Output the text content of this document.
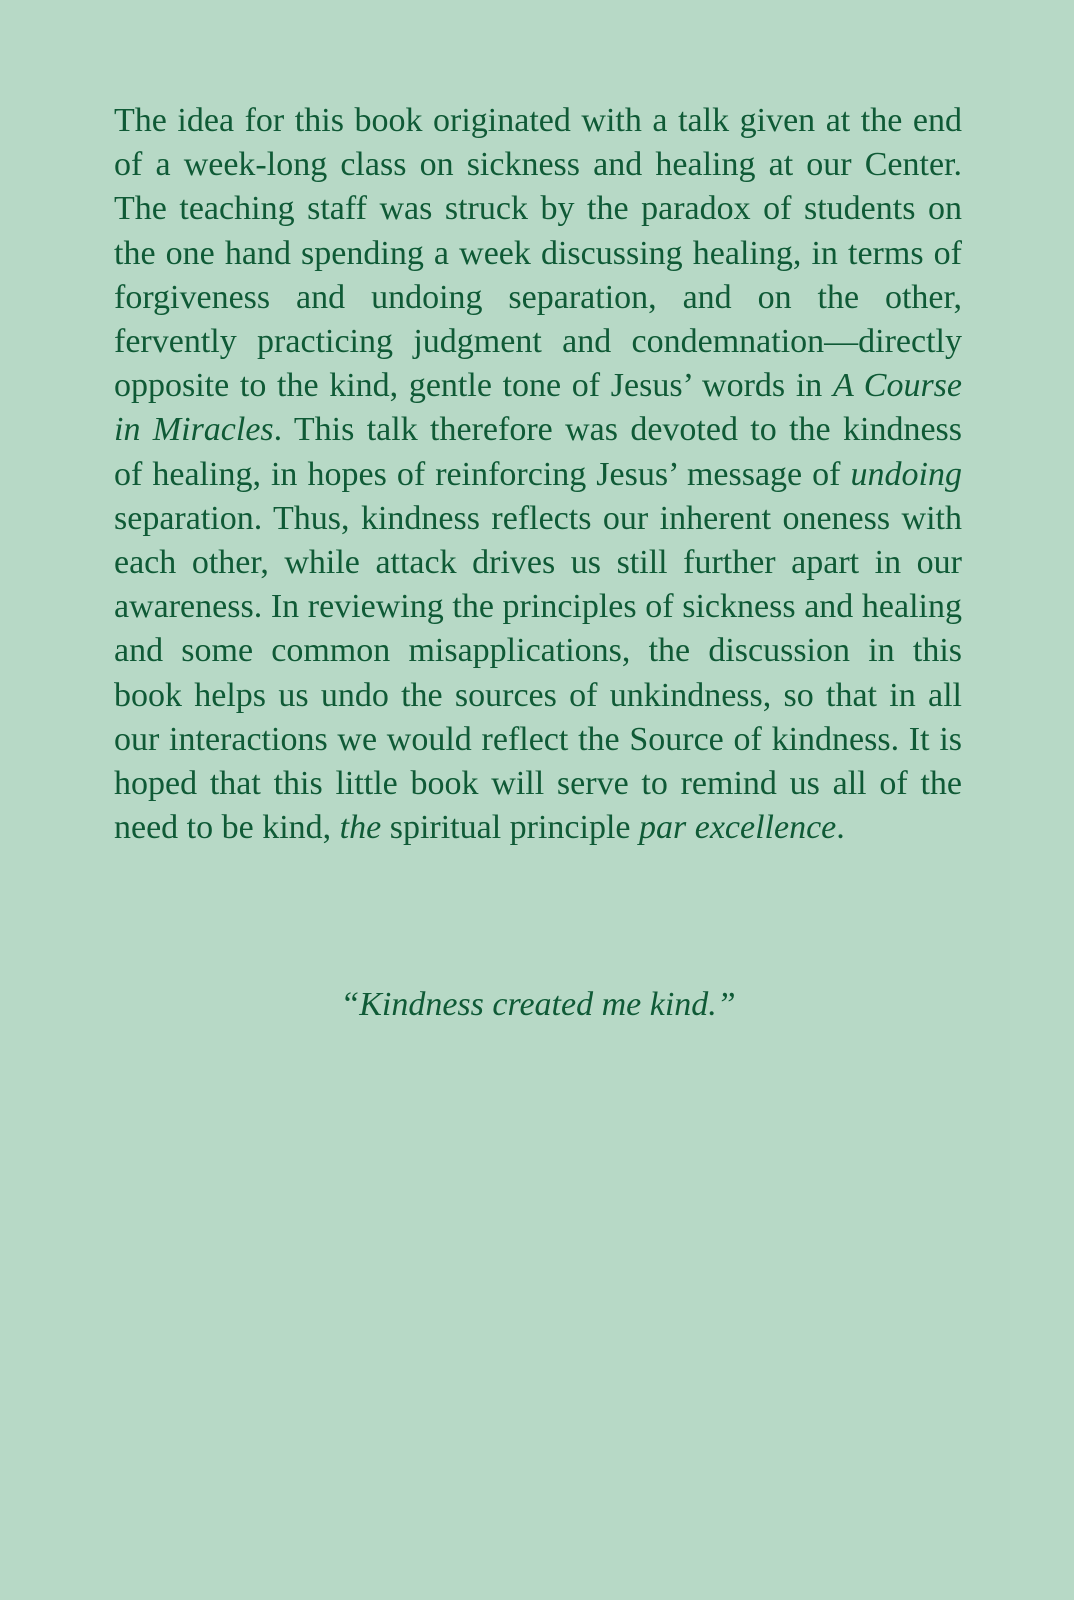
The idea for this book originated with a talk given at the end of a week-long class on sickness and healing at our Center. The teaching staff was struck by the paradox of students on the one hand spending a week discussing healing, in terms of forgiveness and undoing separation, and on the other, fervently practicing judgment and condemnation—directly opposite to the kind, gentle tone of Jesus’ words in A Course in Miracles. This talk therefore was devoted to the kindness of healing, in hopes of reinforcing Jesus’ message of undoing separation. Thus, kindness reflects our inherent oneness with each other, while attack drives us still further apart in our awareness. In reviewing the principles of sickness and healing and some common misapplications, the discussion in this book helps us undo the sources of unkindness, so that in all our interactions we would reflect the Source of kindness. It is hoped that this little book will serve to remind us all of the need to be kind, the spiritual principle par excellence.

“Kindness created me kind.”
